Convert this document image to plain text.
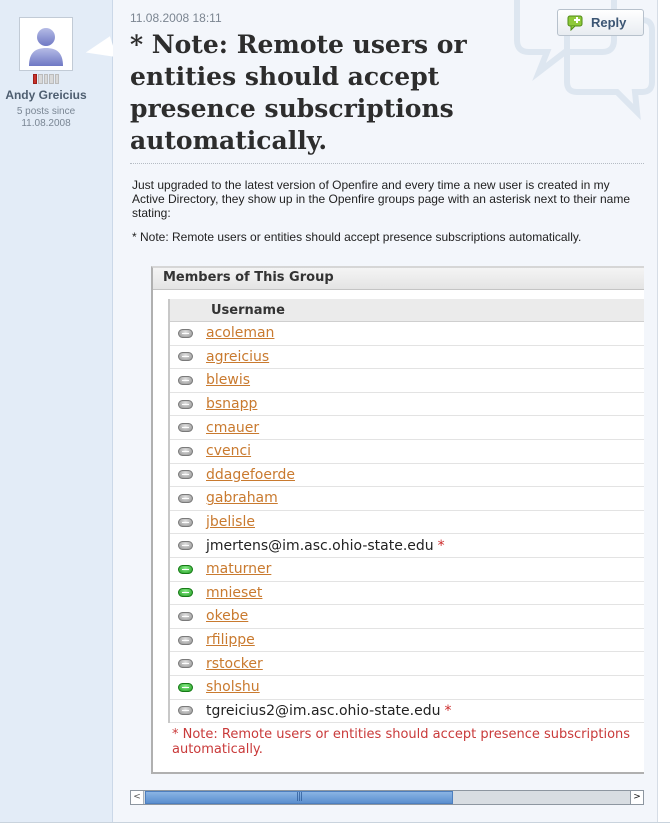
Andy Greicius
5 posts since 11.08.2008
11.08.2008 18:11	Reply
* Note: Remote users or entities should accept presence subscriptions automatically.

Just upgraded to the latest version of Openfire and every time a new user is created in my Active Directory, they show up in the Openfire groups page with an asterisk next to their name stating:

* Note: Remote users or entities should accept presence subscriptions automatically.

Members of This Group
Username
acoleman
agreicius
blewis
bsnapp
cmauer
cvenci
ddagefoerde
gabraham
jbelisle
jmertens@im.asc.ohio-state.edu *
maturner
mnieset
okebe
rfilippe
rstocker
sholshu
tgreicius2@im.asc.ohio-state.edu *
* Note: Remote users or entities should accept presence subscriptions automatically.
<	|||	>
